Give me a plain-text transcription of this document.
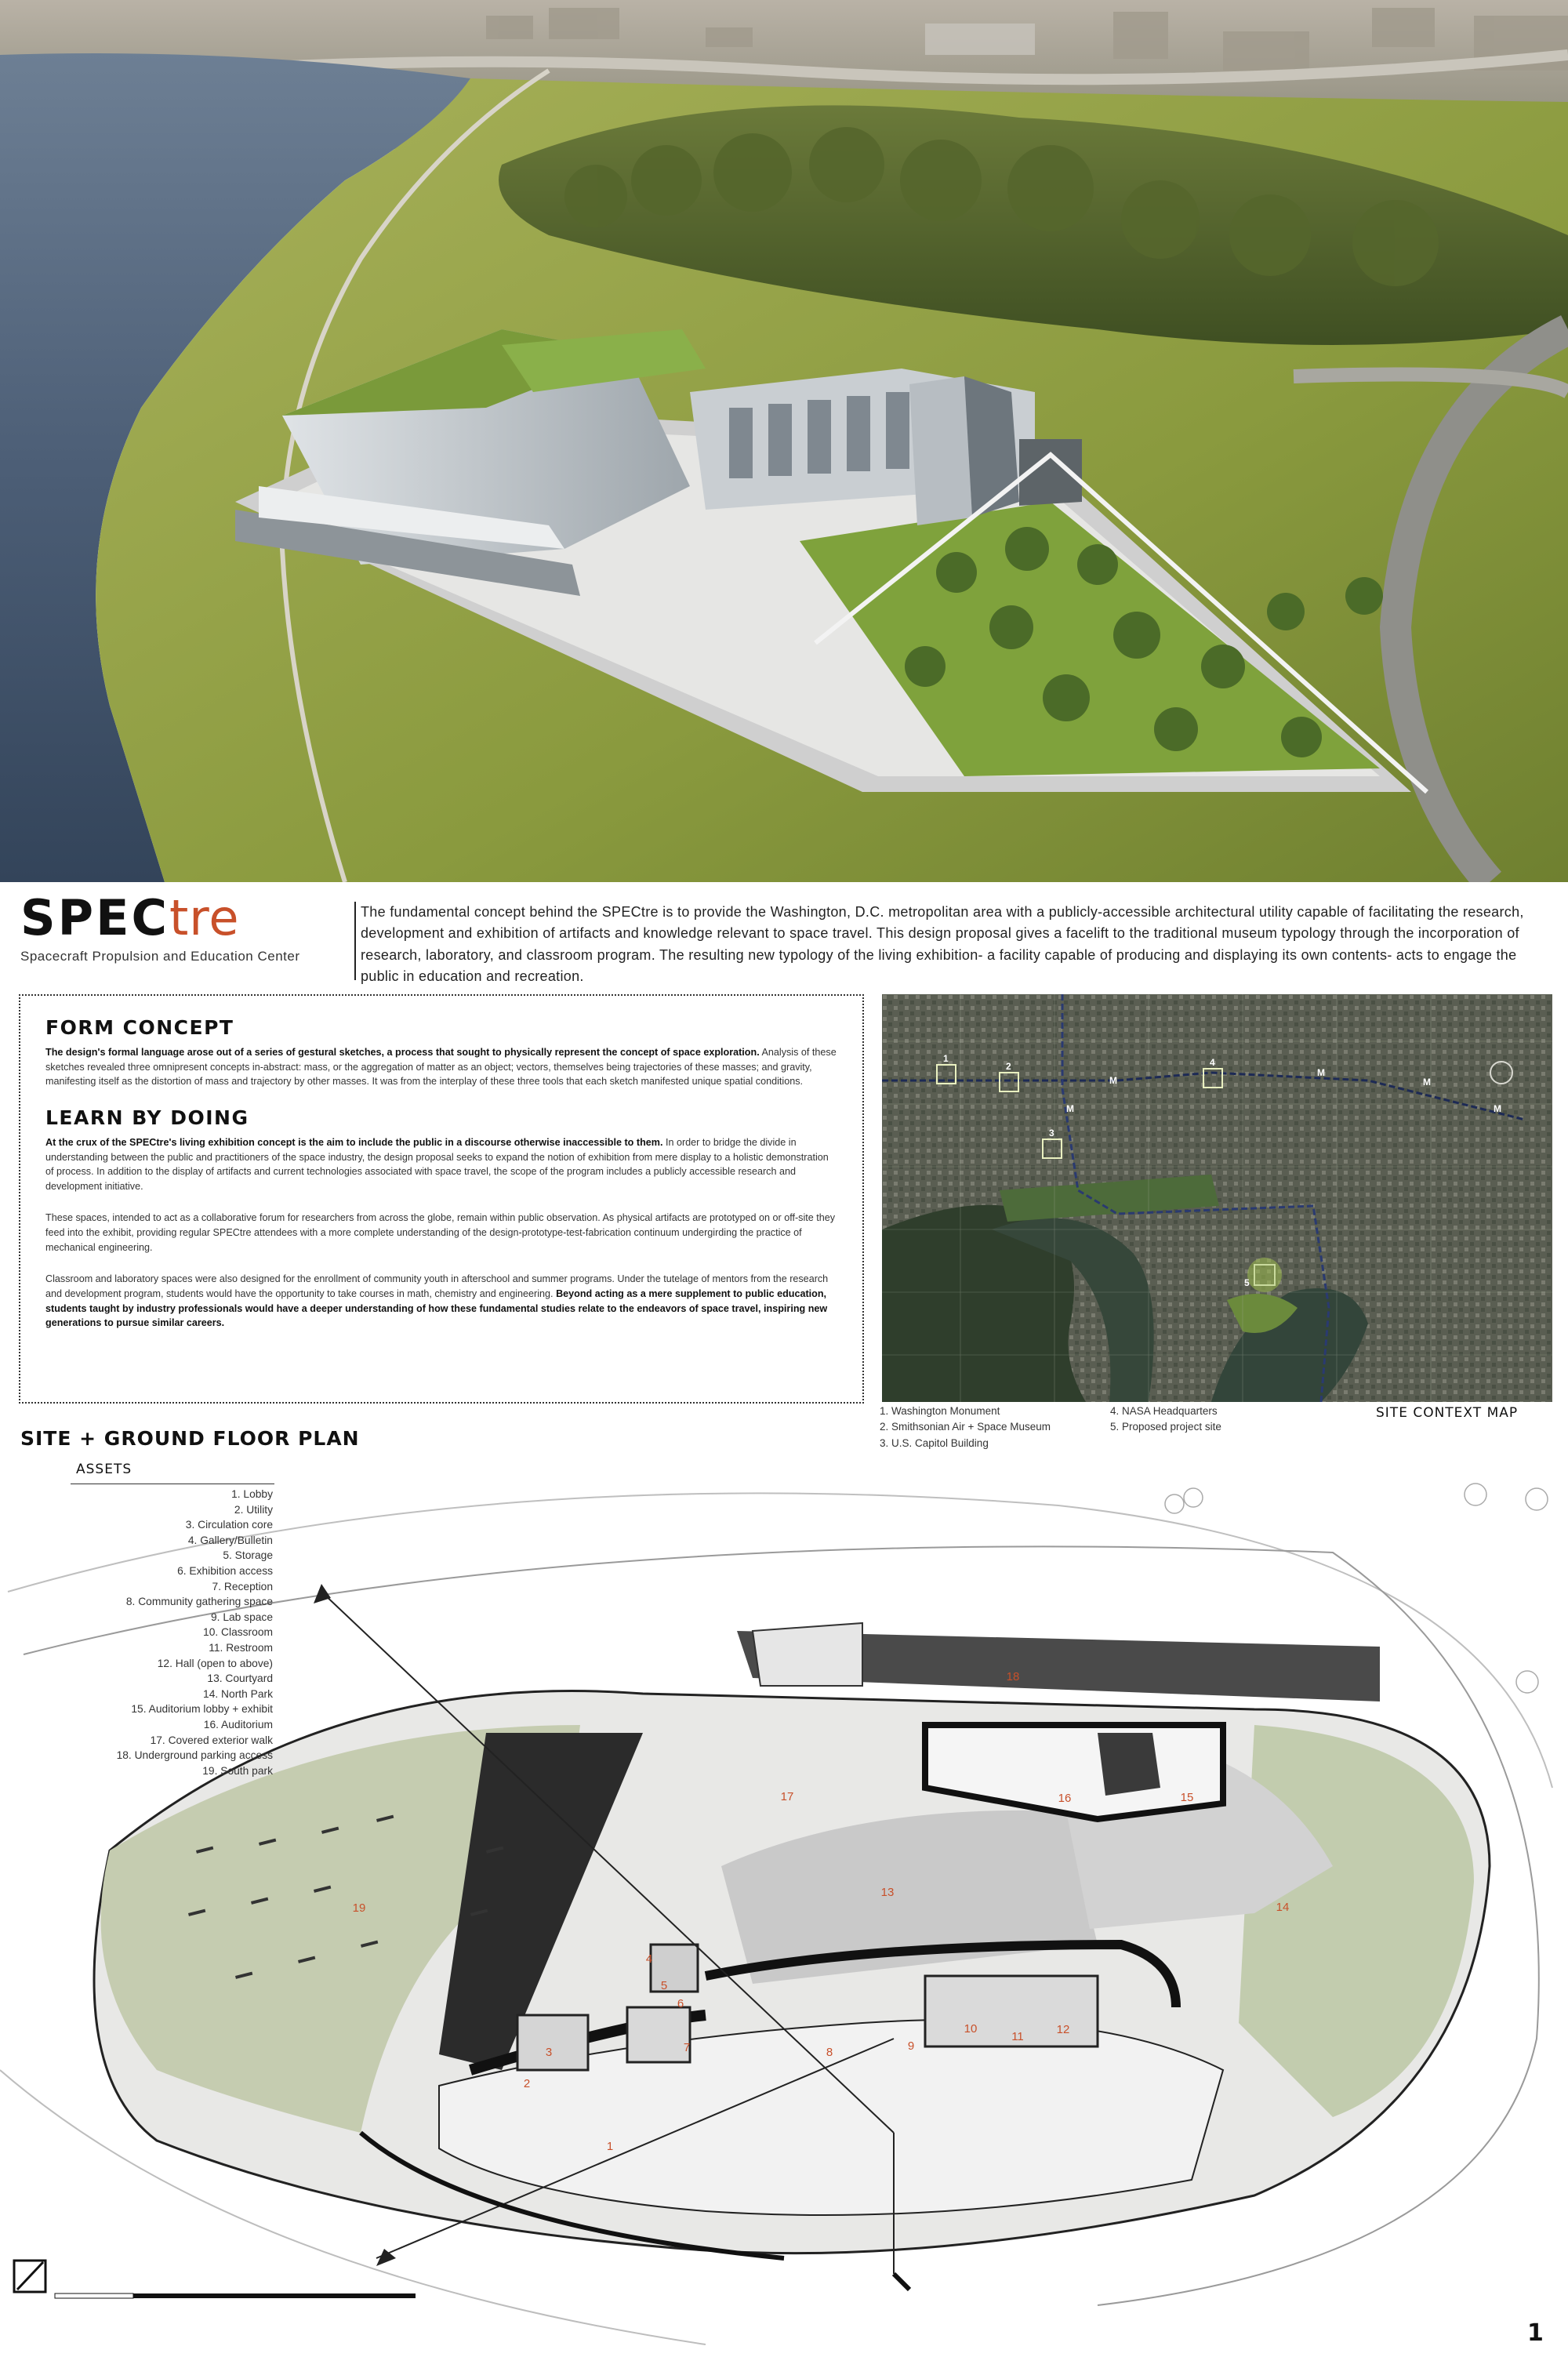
SPECtre
Spacecraft Propulsion and Education Center
The fundamental concept behind the SPECtre is to provide the Washington, D.C. metropolitan area with a publicly-accessible architectural utility capable of facilitating the research, development and exhibition of artifacts and knowledge relevant to space travel. This design proposal gives a facelift to the traditional museum typology through the incorporation of research, laboratory, and classroom program. The resulting new typology of the living exhibition- a facility capable of producing and displaying its own contents- acts to engage the public in education and recreation.
FORM CONCEPT

The design's formal language arose out of a series of gestural sketches, a process that sought to physically represent the concept of space exploration. Analysis of these sketches revealed three omnipresent concepts in-abstract: mass, or the aggregation of matter as an object; vectors, themselves being trajectories of these masses; and gravity, manifesting itself as the distortion of mass and trajectory by other masses. It was from the interplay of these three tools that each sketch manifested unique spatial conditions.

LEARN BY DOING

At the crux of the SPECtre's living exhibition concept is the aim to include the public in a discourse otherwise inaccessible to them. In order to bridge the divide in understanding between the public and practitioners of the space industry, the design proposal seeks to expand the notion of exhibition from mere display to a holistic demonstration of process. In addition to the display of artifacts and current technologies associated with space travel, the scope of the program includes a publicly accessible research and development initiative.

These spaces, intended to act as a collaborative forum for researchers from across the globe, remain within public observation. As physical artifacts are prototyped on or off-site they feed into the exhibit, providing regular SPECtre attendees with a more complete understanding of the design-prototype-test-fabrication continuum undergirding the practice of mechanical engineering.

Classroom and laboratory spaces were also designed for the enrollment of community youth in afterschool and summer programs. Under the tutelage of mentors from the research and development program, students would have the opportunity to take courses in math, chemistry and engineering. Beyond acting as a mere supplement to public education, students taught by industry professionals would have a deeper understanding of how these fundamental studies relate to the endeavors of space travel, inspiring new generations to pursue similar careers.

1
2
3
4
5
M
M
M
M
M
1. Washington Monument
2. Smithsonian Air + Space Museum
3. U.S. Capitol Building
4. NASA Headquarters
5. Proposed project site
SITE CONTEXT MAP
1
2
3
4
5
6
7	8	9
10
11
12
13
14
15
16
17
18
19
SITE + GROUND FLOOR PLAN
ASSETS
1. Lobby
2. Utility
3. Circulation core
4. Gallery/Bulletin
5. Storage
6. Exhibition access
7. Reception
8. Community gathering space
9. Lab space
10. Classroom
11. Restroom
12. Hall (open to above)
13. Courtyard
14. North Park
15. Auditorium lobby + exhibit
16. Auditorium
17. Covered exterior walk
18. Underground parking access
19. South park
1
